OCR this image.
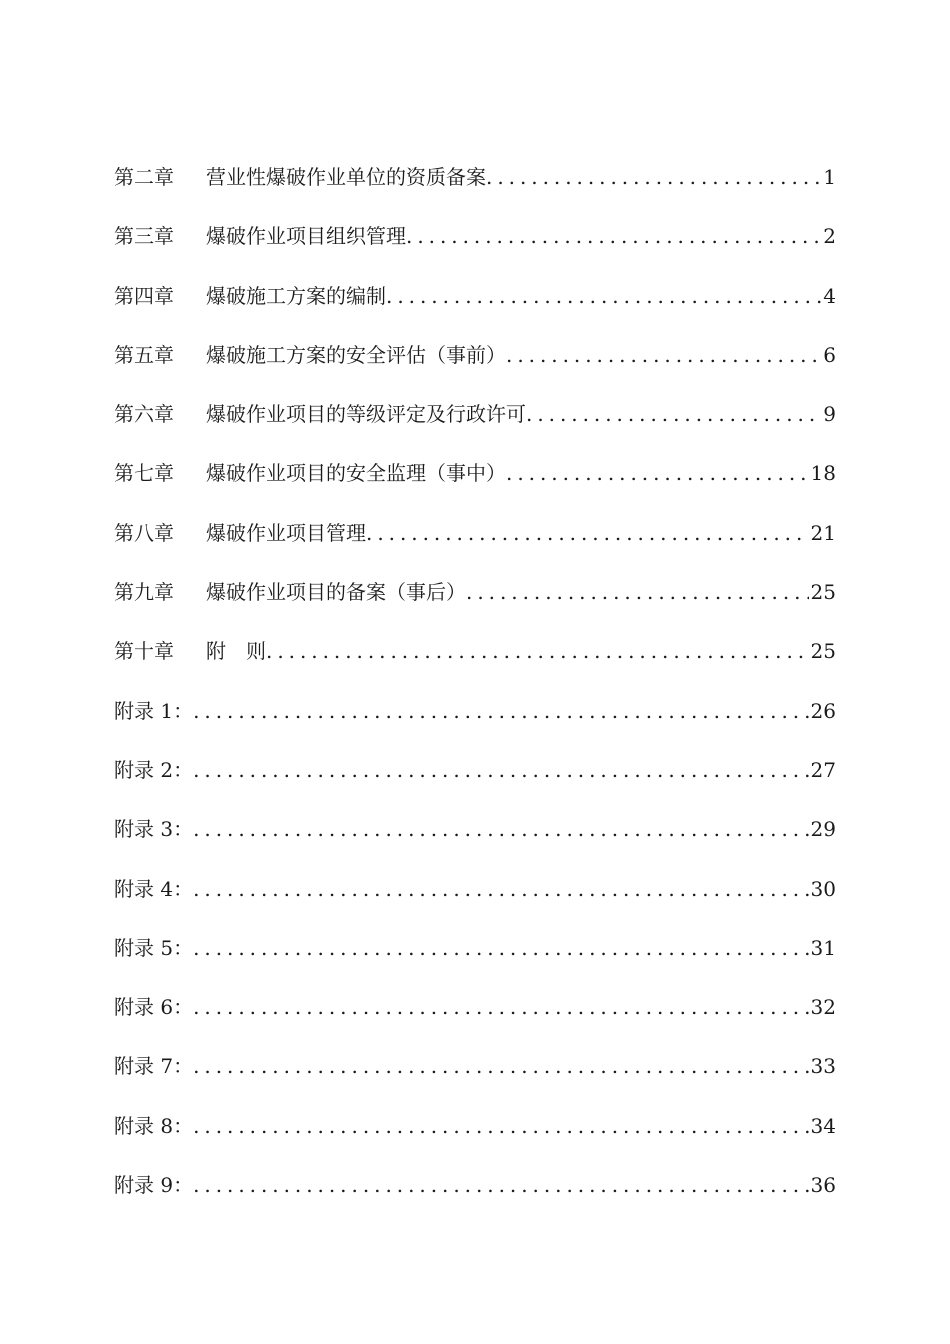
第二章	营业性爆破作业单位的资质备案 . . .	1
第三章	爆破作业项目组织管理 . . .	2
第四章	爆破施工方案的编制 . . .	4
第五章	爆破施工方案的安全评估（事前） . . .	6
第六章	爆破作业项目的等级评定及行政许可 . . .	9
第七章	爆破作业项目的安全监理（事中） . . .	18
第八章	爆破作业项目管理 . . .	21
第九章	爆破作业项目的备案（事后） . . .	25
第十章	附　则 . . .	25
附录 1： . . .	26
附录 2： . . .	27
附录 3： . . .	29
附录 4： . . .	30
附录 5： . . .	31
附录 6： . . .	32
附录 7： . . .	33
附录 8： . . .	34
附录 9： . . .	36
